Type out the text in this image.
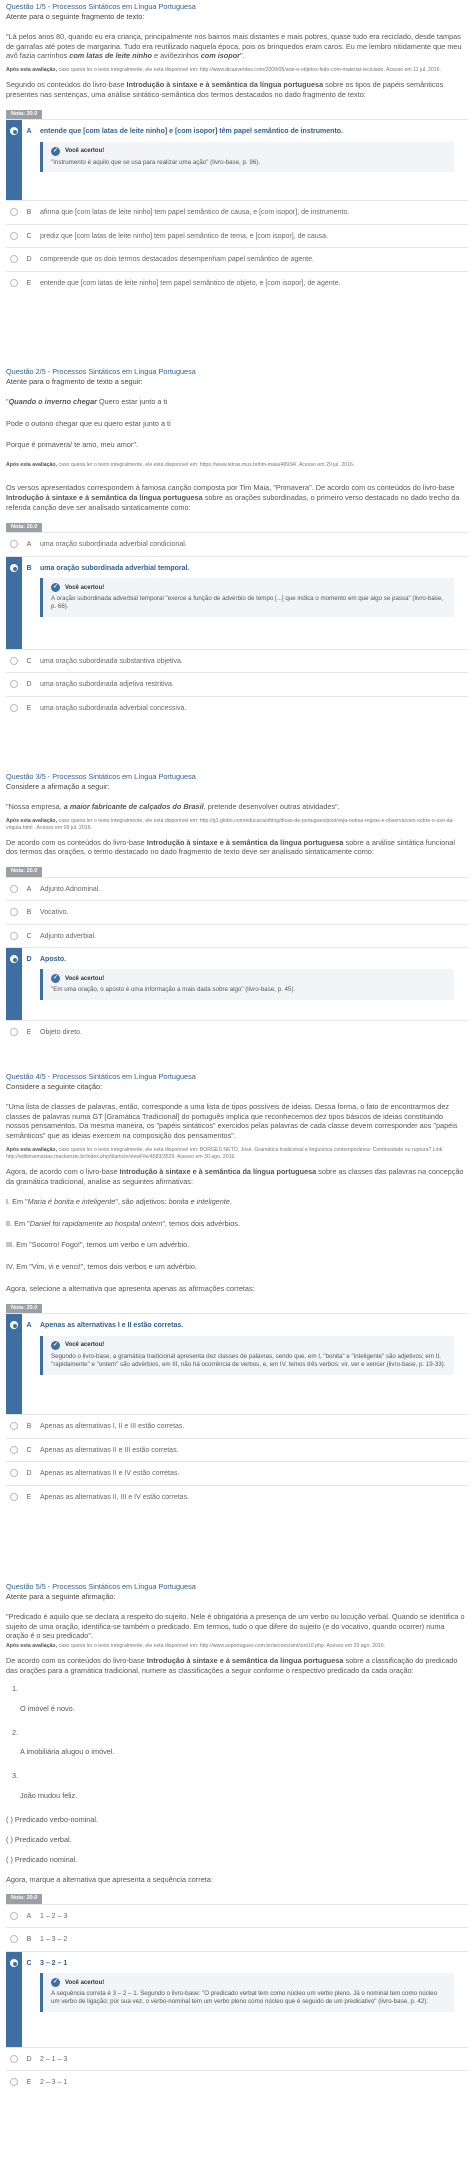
Questão 1/5 - Processos Sintáticos em Língua Portuguesa
Atente para o seguinte fragmento de texto:

"Lá pelos anos 80, quando eu era criança, principalmente nos bairros mais distantes e mais pobres, quase tudo era reciclado, desde tampas de garrafas até potes de margarina. Tudo era reutilizado naquela época, pois os brinquedos eram caros. Eu me lembro nitidamente que meu avô fazia carrinhos com latas de leite ninho e aviõezinhos com isopor".

Após esta avaliação, caso queira ler o texto integralmente, ele está disponível em: http://www.dicasverdes.com/2009/05/arte-e-objetos-feito-com-material-reciclado. Acesso em 11 jul. 2016.

Segundo os conteúdos do livro-base Introdução à sintaxe e à semântica da língua portuguesa sobre os tipos de papéis semânticos presentes nas sentenças, uma análise sintático-semântica dos termos destacados no dado fragmento de texto:

Nota: 20.0
A	entende que [com latas de leite ninho] e [com isopor] têm papel semântico de instrumento.
✓	Você acertou!
"Instrumento é aquilo que se usa para realizar uma ação" (livro-base, p. 96).
B	afirma que [com latas de leite ninho] tem papel semântico de causa, e [com isopor], de instrumento.
C	prediz que [com latas de leite ninho] tem papel semântico de tema, e [com isopor], de causa.
D	compreende que os dois termos destacados desempenham papel semântico de agente.
E	entende que [com latas de leite ninho] tem papel semântico de objeto, e [com isopor], de agente.
Questão 2/5 - Processos Sintáticos em Língua Portuguesa
Atente para o fragmento de texto a seguir:

"Quando o inverno chegar Quero estar junto a ti

Pode o outono chegar que eu quero estar junto a ti

Porque é primavera/ te amo, meu amor".

Após esta avaliação, caso queira ler o texto integralmente, ele está disponível em: https://www.letras.mus.br/tim-maia/48934/. Acesso em 29 jul. 2016.

Os versos apresentados correspondem à famosa canção composta por Tim Maia, "Primavera". De acordo com os conteúdos do livro-base Introdução à sintaxe e à semântica da língua portuguesa sobre as orações subordinadas, o primeiro verso destacado no dado trecho da referida canção deve ser analisado sintaticamente como:

Nota: 20.0
A	uma oração subordinada adverbial condicional.
B	uma oração subordinada adverbial temporal.
✓	Você acertou!
A oração subordinada adverbial temporal "exerce a função de advérbio de tempo [...] que indica o momento em que algo se passa" (livro-base, p. 66).
C	uma oração subordinada substantiva objetiva.
D	uma oração subordinada adjetiva restritiva.
E	uma oração subordinada adverbial concessiva.
Questão 3/5 - Processos Sintáticos em Língua Portuguesa
Considere a afirmação a seguir:

"Nossa empresa, a maior fabricante de calçados do Brasil, pretende desenvolver outras atividades".

Após esta avaliação, caso queira ler o texto integralmente, ele está disponível em: http://g1.globo.com/educacao/blog/dicas-de-portugues/post/veja-outras-regras-e-observacoes-sobre-o-uso-da-virgula.html . Acesso em 09 jul. 2016.

De acordo com os conteúdos do livro-base Introdução à sintaxe e à semântica da língua portuguesa sobre a análise sintática funcional dos termos das orações, o termo destacado no dado fragmento de texto deve ser analisado sintaticamente como:

Nota: 20.0
A	Adjunto Adnominal.
B	Vocativo.
C	Adjunto adverbial.
D	Aposto.
✓	Você acertou!
"Em uma oração, o aposto é uma informação a mais dada sobre algo" (livro-base, p. 45).
E	Objeto direto.
Questão 4/5 - Processos Sintáticos em Língua Portuguesa
Considere a seguinte citação:

"Uma lista de classes de palavras, então, corresponde a uma lista de tipos possíveis de ideias. Dessa forma, o fato de encontrarmos dez classes de palavras numa GT [Gramática Tradicional] do português implica que reconhecemos dez tipos básicos de ideias constituindo nossos pensamentos. Da mesma maneira, os "papéis sintáticos" exercidos pelas palavras de cada classe devem corresponder aos "papéis semânticos" que as ideias exercem na composição dos pensamentos".

Após esta avaliação, caso queira ler o texto integralmente, ele está disponível em: BORGES NETO, José. Gramática tradicional e linguística contemporânea: Continuidade ou ruptura? Link: http://editorarevistas.mackenzie.br/index.php/tl/article/viewFile/4583/3529. Acesso em 30 ago. 2016.

Agora, de acordo com o livro-base Introdução à sintaxe e à semântica da língua portuguesa sobre as classes das palavras na concepção da gramática tradicional, analise as seguintes afirmativas:

I. Em "Maria é bonita e inteligente", são adjetivos: bonita e inteligente.

II. Em "Daniel foi rapidamente ao hospital ontem", temos dois advérbios.

III. Em "Socorro! Fogo!", temos um verbo e um advérbio.

IV. Em "Vim, vi e venci!", temos dois verbos e um advérbio.

Agora, selecione a alternativa que apresenta apenas as afirmações corretas:

Nota: 20.0
A	Apenas as alternativas I e II estão corretas.
✓	Você acertou!
Segundo o livro-base, a gramática tradicional apresenta dez classes de palavras, sendo que, em I, "bonita" e "inteligente" são adjetivos; em II, "rapidamente" e "ontem" são advérbios, em III, não há ocorrência de verbos, e, em IV, temos três verbos: vir, ver e vencer (livro-base, p. 19-33).
B	Apenas as alternativas I, II e III estão corretas.
C	Apenas as alternativas II e III estão corretas.
D	Apenas as alternativas II e IV estão corretas.
E	Apenas as alternativas II, III e IV estão corretas.
Questão 5/5 - Processos Sintáticos em Língua Portuguesa
Atente para a seguinte afirmação:

"Predicado é aquilo que se declara a respeito do sujeito. Nele é obrigatória a presença de um verbo ou locução verbal. Quando se identifica o sujeito de uma oração, identifica-se também o predicado. Em termos, tudo o que difere do sujeito (e do vocativo, quando ocorrer) numa oração é o seu predicado".

Após esta avaliação, caso queira ler o texto integralmente, ele está disponível em: http://www.soportugues.com.br/secoes/sint/sint10.php. Acesso em 29 ago. 2016.

De acordo com os conteúdos do livro-base Introdução à sintaxe e à semântica da língua portuguesa sobre a classificação do predicado das orações para a gramática tradicional, numere as classificações a seguir conforme o respectivo predicado da cada oração:

1.
O imóvel é novo.
2.
A imobiliária alugou o imóvel.
3.
João mudou feliz.

( ) Predicado verbo-nominal.

( ) Predicado verbal.

( ) Predicado nominal.

Agora, marque a alternativa que apresenta a sequência correta:

Nota: 20.0
A	1 – 2 – 3
B	1 – 3 – 2
C	3 – 2 – 1
✓	Você acertou!
A sequência correta é 3 – 2 – 1. Segundo o livro-base: "O predicado verbal tem como núcleo um verbo pleno. Já o nominal tem como núcleo um verbo de ligação; por sua vez, o verbo-nominal tem um verbo pleno como núcleo que é seguido de um predicativo" (livro-base, p. 42).
D	2 – 1 – 3
E	2 – 3 – 1
